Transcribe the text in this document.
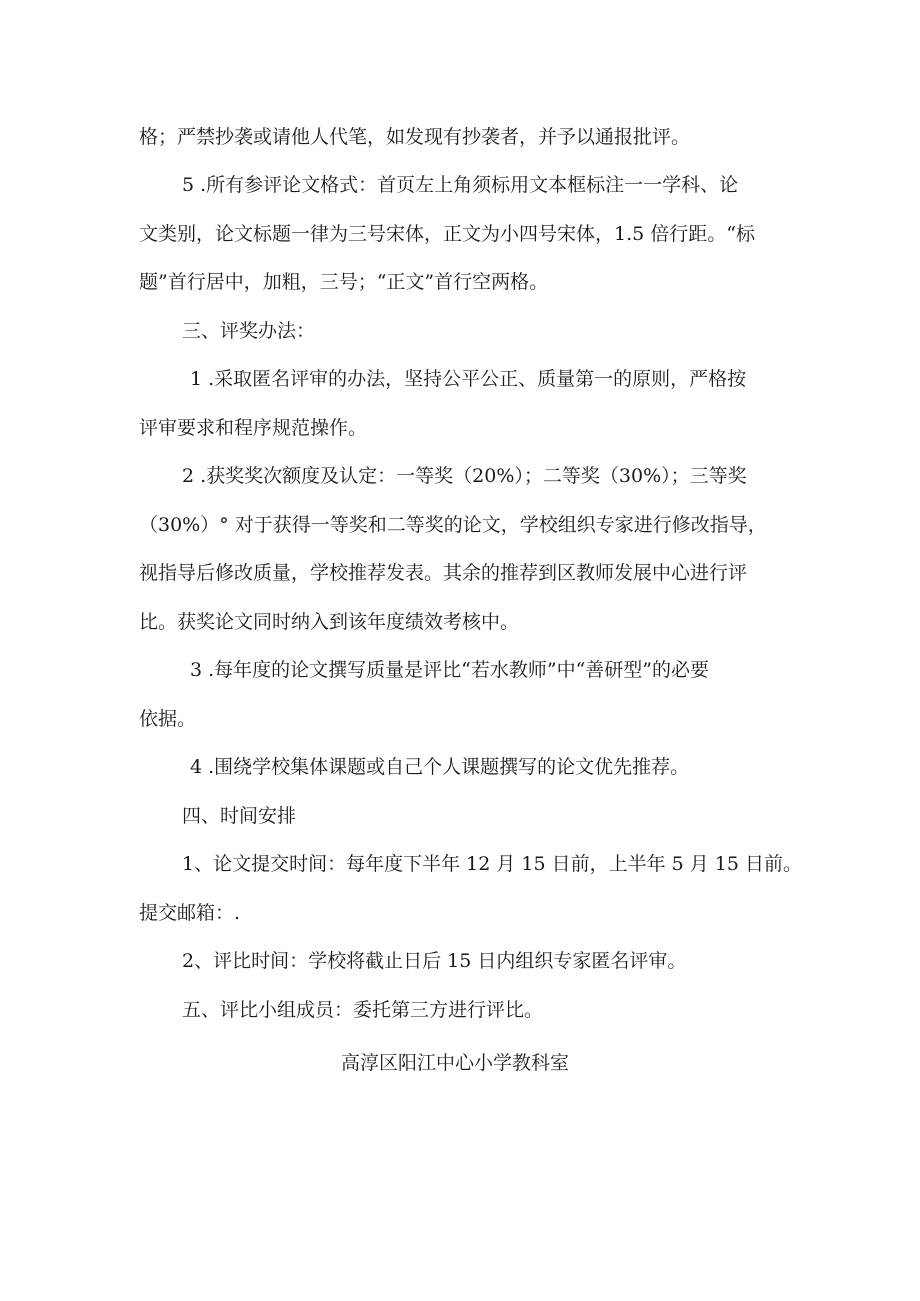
格；严禁抄袭或请他人代笔，如发现有抄袭者，并予以通报批评。

5 .所有参评论文格式：首页左上角须标用文本框标注一一学科、论

文类别，论文标题一律为三号宋体，正文为小四号宋体，1.5 倍行距。“标

题”首行居中，加粗，三号；“正文”首行空两格。

三、评奖办法：

1 .采取匿名评审的办法，坚持公平公正、质量第一的原则，严格按

评审要求和程序规范操作。

2 .获奖奖次额度及认定：一等奖（20%）；二等奖（30%）；三等奖

（30%）° 对于获得一等奖和二等奖的论文，学校组织专家进行修改指导，

视指导后修改质量，学校推荐发表。其余的推荐到区教师发展中心进行评

比。获奖论文同时纳入到该年度绩效考核中。

3 .每年度的论文撰写质量是评比“若水教师”中“善研型”的必要

依据。

4 .围绕学校集体课题或自己个人课题撰写的论文优先推荐。

四、时间安排

1、论文提交时间：每年度下半年 12 月 15 日前，上半年 5 月 15 日前。

提交邮箱：.

2、评比时间：学校将截止日后 15 日内组织专家匿名评审。

五、评比小组成员：委托第三方进行评比。

高淳区阳江中心小学教科室
